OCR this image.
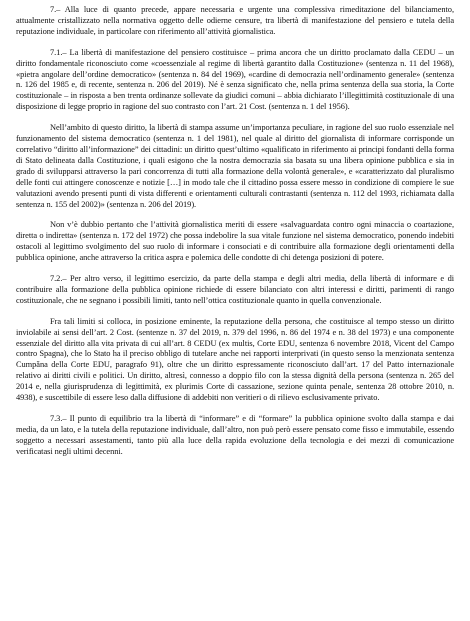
7.– Alla luce di quanto precede, appare necessaria e urgente una complessiva rimeditazione del bilanciamento, attualmente cristallizzato nella normativa oggetto delle odierne censure, tra libertà di manifestazione del pensiero e tutela della reputazione individuale, in particolare con riferimento all’attività giornalistica.

7.1.– La libertà di manifestazione del pensiero costituisce – prima ancora che un diritto proclamato dalla CEDU – un diritto fondamentale riconosciuto come «coessenziale al regime di libertà garantito dalla Costituzione» (sentenza n. 11 del 1968), «pietra angolare dell’ordine democratico» (sentenza n. 84 del 1969), «cardine di democrazia nell’ordinamento generale» (sentenza n. 126 del 1985 e, di recente, sentenza n. 206 del 2019). Né è senza significato che, nella prima sentenza della sua storia, la Corte costituzionale – in risposta a ben trenta ordinanze sollevate da giudici comuni – abbia dichiarato l’illegittimità costituzionale di una disposizione di legge proprio in ragione del suo contrasto con l’art. 21 Cost. (sentenza n. 1 del 1956).

Nell’ambito di questo diritto, la libertà di stampa assume un’importanza peculiare, in ragione del suo ruolo essenziale nel funzionamento del sistema democratico (sentenza n. 1 del 1981), nel quale al diritto del giornalista di informare corrisponde un correlativo “diritto all’informazione” dei cittadini: un diritto quest’ultimo «qualificato in riferimento ai principi fondanti della forma di Stato delineata dalla Costituzione, i quali esigono che la nostra democrazia sia basata su una libera opinione pubblica e sia in grado di svilupparsi attraverso la pari concorrenza di tutti alla formazione della volontà generale», e «caratterizzato dal pluralismo delle fonti cui attingere conoscenze e notizie […] in modo tale che il cittadino possa essere messo in condizione di compiere le sue valutazioni avendo presenti punti di vista differenti e orientamenti culturali contrastanti (sentenza n. 112 del 1993, richiamata dalla sentenza n. 155 del 2002)» (sentenza n. 206 del 2019).

Non v’è dubbio pertanto che l’attività giornalistica meriti di essere «salvaguardata contro ogni minaccia o coartazione, diretta o indiretta» (sentenza n. 172 del 1972) che possa indebolire la sua vitale funzione nel sistema democratico, ponendo indebiti ostacoli al legittimo svolgimento del suo ruolo di informare i consociati e di contribuire alla formazione degli orientamenti della pubblica opinione, anche attraverso la critica aspra e polemica delle condotte di chi detenga posizioni di potere.

7.2.– Per altro verso, il legittimo esercizio, da parte della stampa e degli altri media, della libertà di informare e di contribuire alla formazione della pubblica opinione richiede di essere bilanciato con altri interessi e diritti, parimenti di rango costituzionale, che ne segnano i possibili limiti, tanto nell’ottica costituzionale quanto in quella convenzionale.

Fra tali limiti si colloca, in posizione eminente, la reputazione della persona, che costituisce al tempo stesso un diritto inviolabile ai sensi dell’art. 2 Cost. (sentenze n. 37 del 2019, n. 379 del 1996, n. 86 del 1974 e n. 38 del 1973) e una componente essenziale del diritto alla vita privata di cui all’art. 8 CEDU (ex multis, Corte EDU, sentenza 6 novembre 2018, Vicent del Campo contro Spagna), che lo Stato ha il preciso obbligo di tutelare anche nei rapporti interprivati (in questo senso la menzionata sentenza Cumpǎna della Corte EDU, paragrafo 91), oltre che un diritto espressamente riconosciuto dall’art. 17 del Patto internazionale relativo ai diritti civili e politici. Un diritto, altresì, connesso a doppio filo con la stessa dignità della persona (sentenza n. 265 del 2014 e, nella giurisprudenza di legittimità, ex plurimis Corte di cassazione, sezione quinta penale, sentenza 28 ottobre 2010, n. 4938), e suscettibile di essere leso dalla diffusione di addebiti non veritieri o di rilievo esclusivamente privato.

7.3.– Il punto di equilibrio tra la libertà di “informare” e di “formare” la pubblica opinione svolto dalla stampa e dai media, da un lato, e la tutela della reputazione individuale, dall’altro, non può però essere pensato come fisso e immutabile, essendo soggetto a necessari assestamenti, tanto più alla luce della rapida evoluzione della tecnologia e dei mezzi di comunicazione verificatasi negli ultimi decenni.
